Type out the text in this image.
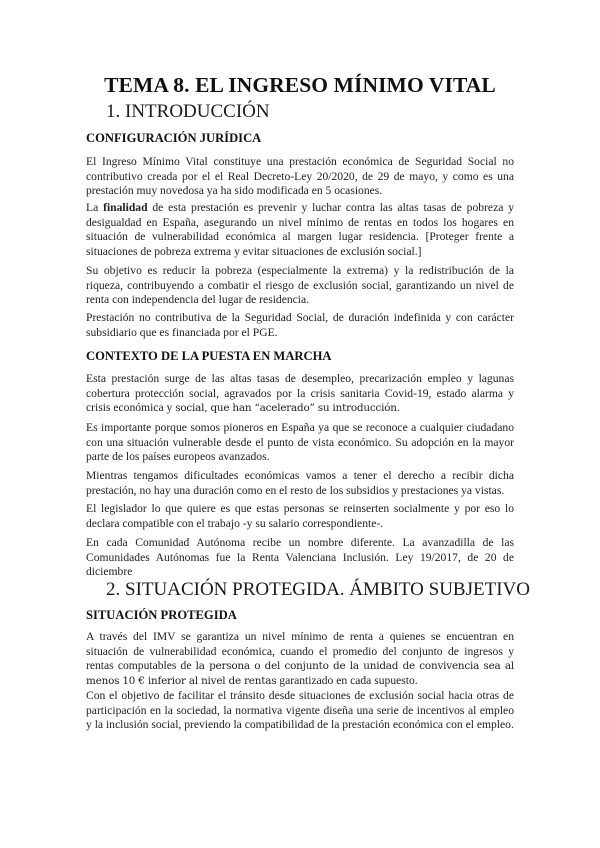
TEMA 8. EL INGRESO MÍNIMO VITAL
1. INTRODUCCIÓN
CONFIGURACIÓN JURÍDICA

El Ingreso Mínimo Vital constituye una prestación económica de Seguridad Social no contributivo creada por el el Real Decreto-Ley 20/2020, de 29 de mayo, y como es una prestación muy novedosa ya ha sido modificada en 5 ocasiones.

La finalidad de esta prestación es prevenir y luchar contra las altas tasas de pobreza y desigualdad en España, asegurando un nivel mínimo de rentas en todos los hogares en situación de vulnerabilidad económica al margen lugar residencia. [Proteger frente a situaciones de pobreza extrema y evitar situaciones de exclusión social.]

Su objetivo es reducir la pobreza (especialmente la extrema) y la redistribución de la riqueza, contribuyendo a combatir el riesgo de exclusión social, garantizando un nivel de renta con independencia del lugar de residencia.

Prestación no contributiva de la Seguridad Social, de duración indefinida y con carácter subsidiario que es financiada por el PGE.

CONTEXTO DE LA PUESTA EN MARCHA

Esta prestación surge de las altas tasas de desempleo, precarización empleo y lagunas cobertura protección social, agravados por la crisis sanitaria Covid-19, estado alarma y crisis económica y social, que han “acelerado” su introducción.

Es importante porque somos pioneros en España ya que se reconoce a cualquier ciudadano con una situación vulnerable desde el punto de vista económico. Su adopción en la mayor parte de los países europeos avanzados.

Mientras tengamos dificultades económicas vamos a tener el derecho a recibir dicha prestación, no hay una duración como en el resto de los subsidios y prestaciones ya vistas.

El legislador lo que quiere es que estas personas se reinserten socialmente y por eso lo declara compatible con el trabajo -y su salario correspondiente-.

En cada Comunidad Autónoma recibe un nombre diferente. La avanzadilla de las Comunidades Autónomas fue la Renta Valenciana Inclusión. Ley 19/2017, de 20 de diciembre

2. SITUACIÓN PROTEGIDA. ÁMBITO SUBJETIVO
SITUACIÓN PROTEGIDA

A través del IMV se garantiza un nivel mínimo de renta a quienes se encuentran en situación de vulnerabilidad económica, cuando el promedio del conjunto de ingresos y rentas computables de la persona o del conjunto de la unidad de convivencia sea al menos 10 € inferior al nivel de rentas garantizado en cada supuesto.

Con el objetivo de facilitar el tránsito desde situaciones de exclusión social hacia otras de participación en la sociedad, la normativa vigente diseña una serie de incentivos al empleo y la inclusión social, previendo la compatibilidad de la prestación económica con el empleo.
